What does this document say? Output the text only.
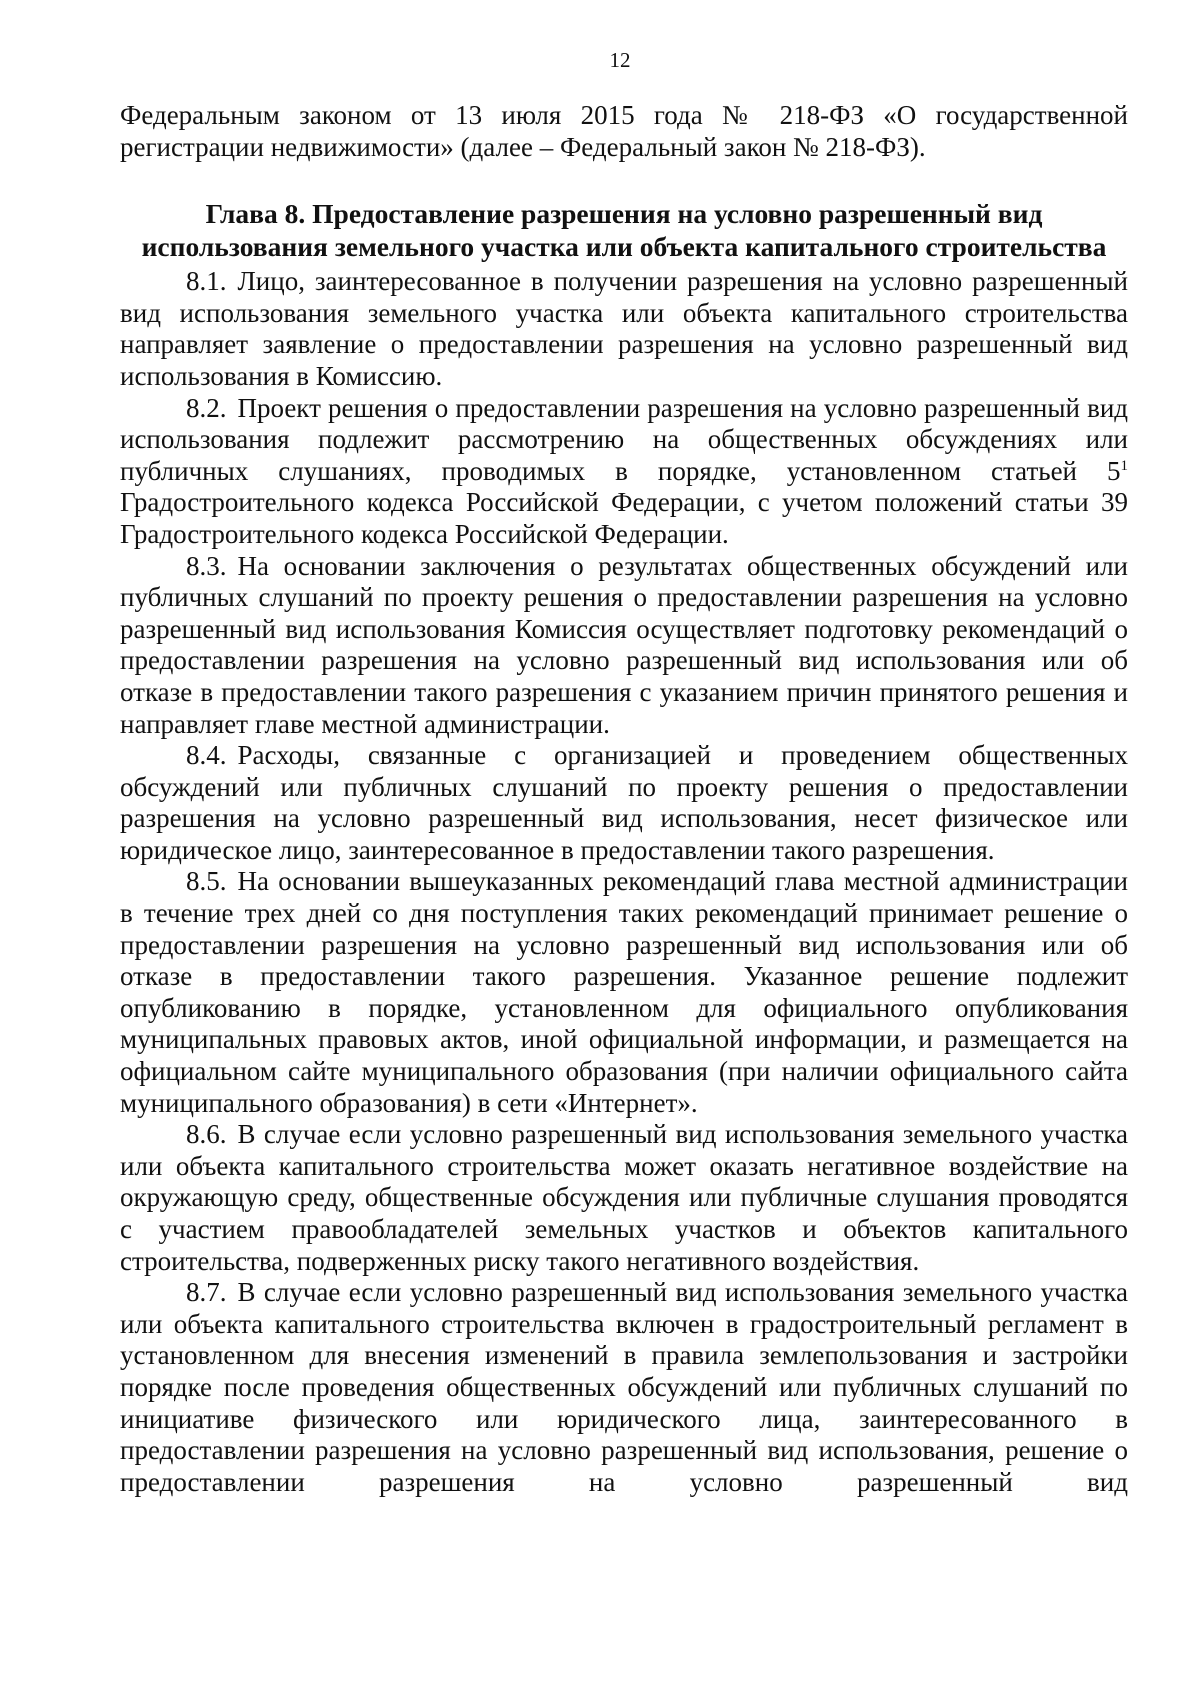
12

Федеральным законом от 13 июля 2015 года № 218-ФЗ «О государственной регистрации недвижимости» (далее – Федеральный закон № 218-ФЗ).

Глава 8. Предоставление разрешения на условно разрешенный вид
использования земельного участка или объекта капитального строительства

8.1. Лицо, заинтересованное в получении разрешения на условно разрешенный вид использования земельного участка или объекта капитального строительства направляет заявление о предоставлении разрешения на условно разрешенный вид использования в Комиссию.

8.2. Проект решения о предоставлении разрешения на условно разрешенный вид использования подлежит рассмотрению на общественных обсуждениях или публичных слушаниях, проводимых в порядке, установленном статьей $5^1$ Градостроительного кодекса Российской Федерации, с учетом положений статьи 39 Градостроительного кодекса Российской Федерации.

8.3. На основании заключения о результатах общественных обсуждений или публичных слушаний по проекту решения о предоставлении разрешения на условно разрешенный вид использования Комиссия осуществляет подготовку рекомендаций о предоставлении разрешения на условно разрешенный вид использования или об отказе в предоставлении такого разрешения с указанием причин принятого решения и направляет главе местной администрации.

8.4. Расходы, связанные с организацией и проведением общественных обсуждений или публичных слушаний по проекту решения о предоставлении разрешения на условно разрешенный вид использования, несет физическое или юридическое лицо, заинтересованное в предоставлении такого разрешения.

8.5. На основании вышеуказанных рекомендаций глава местной администрации в течение трех дней со дня поступления таких рекомендаций принимает решение о предоставлении разрешения на условно разрешенный вид использования или об отказе в предоставлении такого разрешения. Указанное решение подлежит опубликованию в порядке, установленном для официального опубликования муниципальных правовых актов, иной официальной информации, и размещается на официальном сайте муниципального образования (при наличии официального сайта муниципального образования) в сети «Интернет».

8.6. В случае если условно разрешенный вид использования земельного участка или объекта капитального строительства может оказать негативное воздействие на окружающую среду, общественные обсуждения или публичные слушания проводятся с участием правообладателей земельных участков и объектов капитального строительства, подверженных риску такого негативного воздействия.

8.7. В случае если условно разрешенный вид использования земельного участка или объекта капитального строительства включен в градостроительный регламент в установленном для внесения изменений в правила землепользования и застройки порядке после проведения общественных обсуждений или публичных слушаний по инициативе физического или юридического лица, заинтересованного в предоставлении разрешения на условно разрешенный вид использования, решение о предоставлении разрешения на условно разрешенный вид
